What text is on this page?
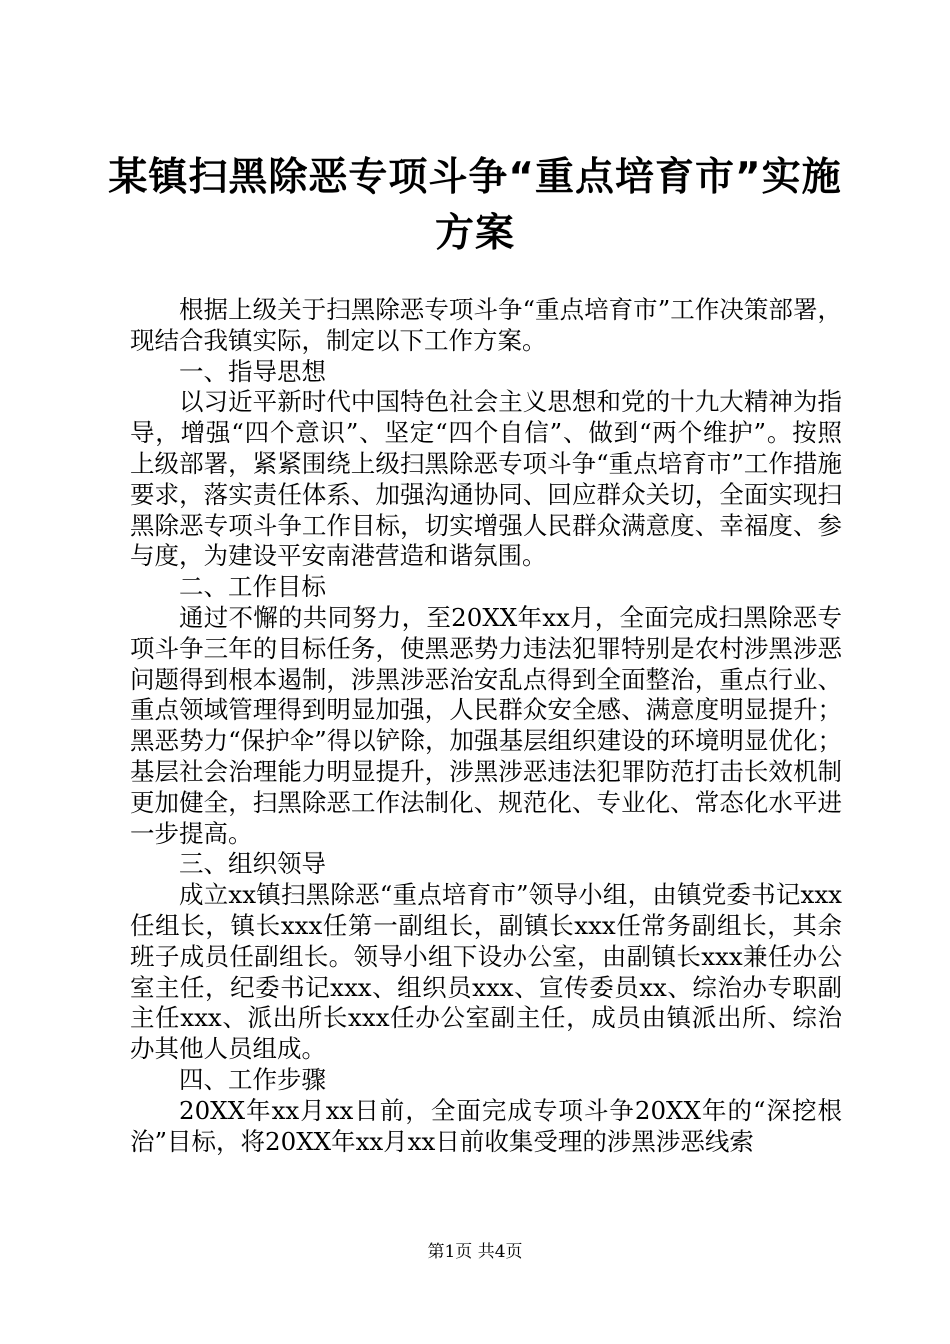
某镇扫黑除恶专项斗争“重点培育市”实施方案

根据上级关于扫黑除恶专项斗争“重点培育市”工作决策部署，现结合我镇实际，制定以下工作方案。

一、指导思想

以习近平新时代中国特色社会主义思想和党的十九大精神为指导，增强“四个意识”、坚定“四个自信”、做到“两个维护”。按照上级部署，紧紧围绕上级扫黑除恶专项斗争“重点培育市”工作措施要求，落实责任体系、加强沟通协同、回应群众关切，全面实现扫黑除恶专项斗争工作目标，切实增强人民群众满意度、幸福度、参与度，为建设平安南港营造和谐氛围。

二、工作目标

通过不懈的共同努力，至20XX年xx月，全面完成扫黑除恶专项斗争三年的目标任务，使黑恶势力违法犯罪特别是农村涉黑涉恶问题得到根本遏制，涉黑涉恶治安乱点得到全面整治，重点行业、重点领域管理得到明显加强，人民群众安全感、满意度明显提升；黑恶势力“保护伞”得以铲除，加强基层组织建设的环境明显优化；基层社会治理能力明显提升，涉黑涉恶违法犯罪防范打击长效机制更加健全，扫黑除恶工作法制化、规范化、专业化、常态化水平进一步提高。

三、组织领导

成立xx镇扫黑除恶“重点培育市”领导小组，由镇党委书记xxx任组长，镇长xxx任第一副组长，副镇长xxx任常务副组长，其余班子成员任副组长。领导小组下设办公室，由副镇长xxx兼任办公室主任，纪委书记xxx、组织员xxx、宣传委员xx、综治办专职副主任xxx、派出所长xxx任办公室副主任，成员由镇派出所、综治办其他人员组成。

四、工作步骤

20XX年xx月xx日前，全面完成专项斗争20XX年的“深挖根治”目标，将20XX年xx月xx日前收集受理的涉黑涉恶线索

第1页 共4页
